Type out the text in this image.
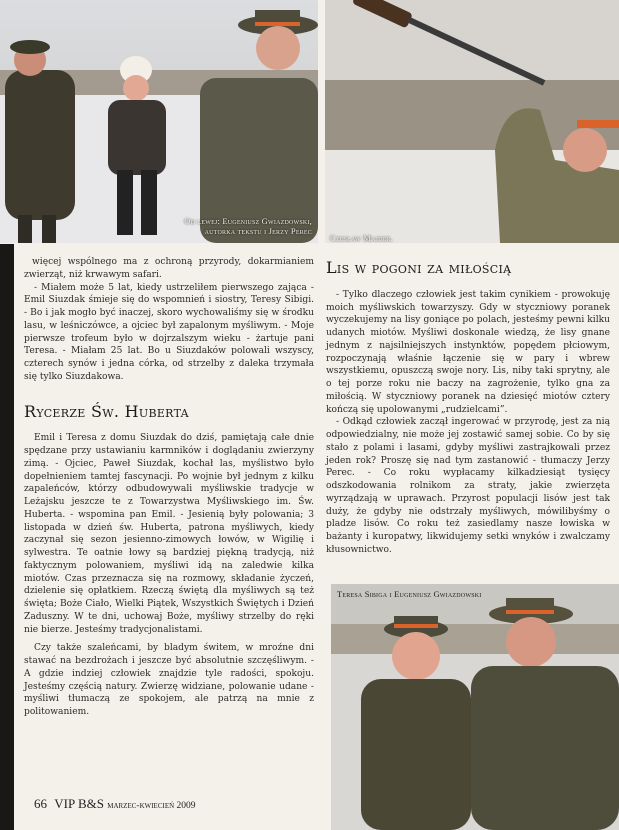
Od lewej: Eugeniusz Gwiazdowski, autorka tekstu i Jerzy Perec
Czesław Majder.

więcej wspólnego ma z ochroną przyrody, dokarmianiem zwierząt, niż krwawym safari.

- Miałem może 5 lat, kiedy ustrzeliłem pierwszego zająca - Emil Siuzdak śmieje się do wspomnień i siostry, Teresy Sibigi. - Bo i jak mogło być inaczej, skoro wychowaliśmy się w środku lasu, w leśniczówce, a ojciec był zapalonym myśliwym. - Moje pierwsze trofeum było w dojrzalszym wieku - żartuje pani Teresa. - Miałam 25 lat. Bo u Siuzdaków polowali wszyscy, czterech synów i jedna córka, od strzelby z daleka trzymała się tylko Siuzdakowa.

Rycerze Św. Huberta

Emil i Teresa z domu Siuzdak do dziś, pamiętają całe dnie spędzane przy ustawianiu karmników i doglądaniu zwierzyny zimą. - Ojciec, Paweł Siuzdak, kochał las, myślistwo było dopełnieniem tamtej fascynacji. Po wojnie był jednym z kilku zapaleńców, którzy odbudowywali myśliwskie tradycje w Leżajsku jeszcze te z Towarzystwa Myśliwskiego im. Św. Huberta. - wspomina pan Emil. - Jesienią były polowania; 3 listopada w dzień św. Huberta, patrona myśliwych, kiedy zaczynał się sezon jesienno-zimowych łowów, w Wigilię i sylwestra. Te oatnie łowy są bardziej piękną tradycją, niż faktycznym polowaniem, myśliwi idą na zaledwie kilka miotów. Czas przeznacza się na rozmowy, składanie życzeń, dzielenie się opłatkiem. Rzeczą świętą dla myśliwych są też święta; Boże Ciało, Wielki Piątek, Wszystkich Świętych i Dzień Zaduszny. W te dni, uchowaj Boże, myśliwy strzelby do ręki nie bierze. Jesteśmy tradycjonalistami.

Czy także szaleńcami, by bladym świtem, w mroźne dni stawać na bezdrożach i jeszcze być absolutnie szczęśliwym. - A gdzie indziej człowiek znajdzie tyle radości, spokoju. Jesteśmy częścią natury. Zwierzę widziane, polowanie udane - myśliwi tłumaczą ze spokojem, ale patrzą na mnie z politowaniem.

Lis w pogoni za miłością

- Tylko dlaczego człowiek jest takim cynikiem - prowokuję moich myśliwskich towarzyszy. Gdy w styczniowy poranek wyczekujemy na lisy goniące po polach, jesteśmy pewni kilku udanych miotów. Myśliwi doskonale wiedzą, że lisy gnane jednym z najsilniejszych instynktów, popędem płciowym, rozpoczynają właśnie łączenie się w pary i wbrew wszystkiemu, opuszczą swoje nory. Lis, niby taki sprytny, ale o tej porze roku nie baczy na zagrożenie, tylko gna za miłością. W styczniowy poranek na dziesięć miotów cztery kończą się upolowanymi „rudzielcami”.

- Odkąd człowiek zaczął ingerować w przyrodę, jest za nią odpowiedzialny, nie może jej zostawić samej sobie. Co by się stało z polami i lasami, gdyby myśliwi zastrajkowali przez jeden rok? Proszę się nad tym zastanowić - tłumaczy Jerzy Perec. - Co roku wypłacamy kilkadziesiąt tysięcy odszkodowania rolnikom za straty, jakie zwierzęta wyrządzają w uprawach. Przyrost populacji lisów jest tak duży, że gdyby nie odstrzały myśliwych, mówilibyśmy o pladze lisów. Co roku też zasiedlamy nasze łowiska w bażanty i kuropatwy, likwidujemy setki wnyków i zwalczamy kłusownictwo.

Teresa Sibiga i Eugeniusz Gwiazdowski
66 VIP B&S marzec-kwiecień 2009
